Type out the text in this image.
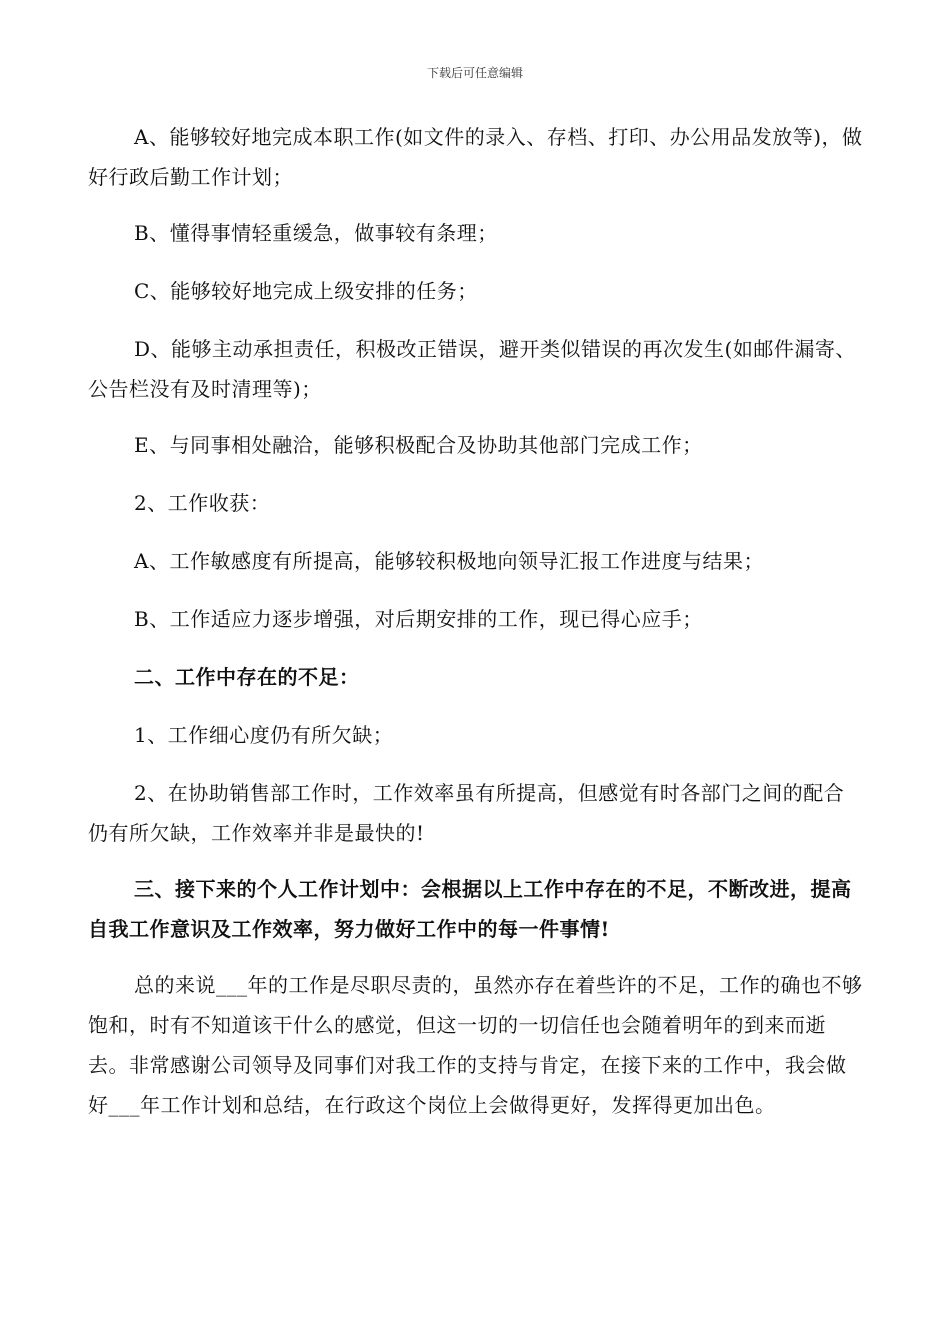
下载后可任意编辑

A、能够较好地完成本职工作(如文件的录入、存档、打印、办公用品发放等)，做好行政后勤工作计划；

B、懂得事情轻重缓急，做事较有条理；

C、能够较好地完成上级安排的任务；

D、能够主动承担责任，积极改正错误，避开类似错误的再次发生(如邮件漏寄、公告栏没有及时清理等)；

E、与同事相处融洽，能够积极配合及协助其他部门完成工作；

2、工作收获：

A、工作敏感度有所提高，能够较积极地向领导汇报工作进度与结果；

B、工作适应力逐步增强，对后期安排的工作，现已得心应手；

二、工作中存在的不足：

1、工作细心度仍有所欠缺；

2、在协助销售部工作时，工作效率虽有所提高，但感觉有时各部门之间的配合仍有所欠缺，工作效率并非是最快的!

三、接下来的个人工作计划中：会根据以上工作中存在的不足，不断改进，提高自我工作意识及工作效率，努力做好工作中的每一件事情!

总的来说___年的工作是尽职尽责的，虽然亦存在着些许的不足，工作的确也不够饱和，时有不知道该干什么的感觉，但这一切的一切信任也会随着明年的到来而逝去。非常感谢公司领导及同事们对我工作的支持与肯定，在接下来的工作中，我会做好___年工作计划和总结，在行政这个岗位上会做得更好，发挥得更加出色。
